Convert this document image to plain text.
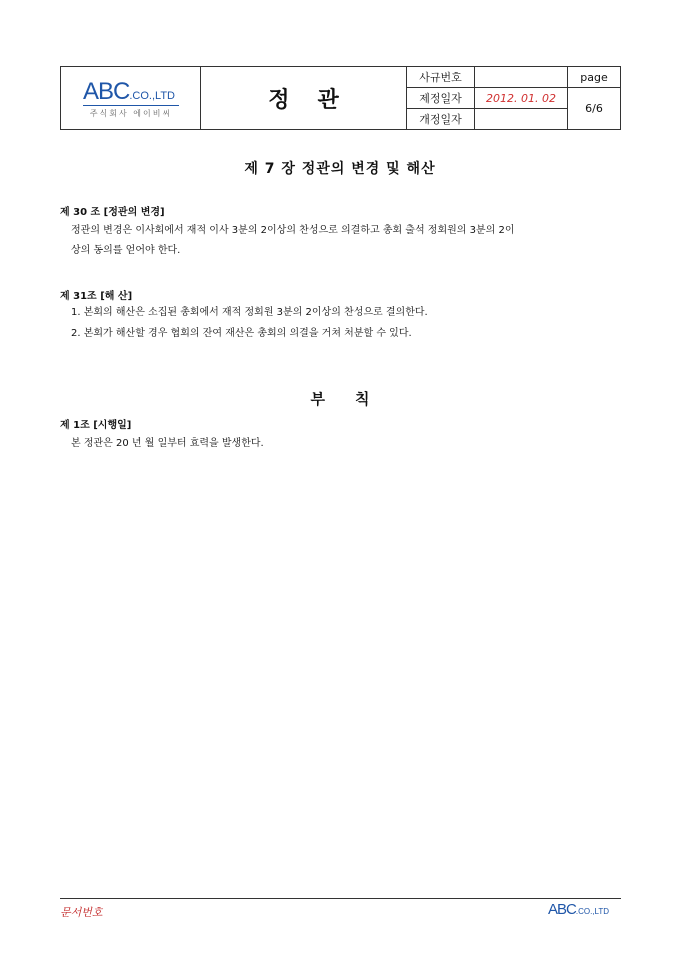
ABC.CO.,LTD
주식회사 에이비씨
정관
사규번호
제정일자	2012. 01. 02
개정일자
page
6/6
제 7 장 정관의 변경 및 해산
제 30 조 [정관의 변경]
정관의 변경은 이사회에서 재적 이사 3분의 2이상의 찬성으로 의결하고 총회 출석 정회원의 3분의 2이
상의 동의를 얻어야 한다.
제 31조 [해 산]
1. 본회의 해산은 소집된 총회에서 재적 정회원 3분의 2이상의 찬성으로 결의한다.
2. 본회가 해산할 경우 협회의 잔여 재산은 총회의 의결을 거쳐 처분할 수 있다.
부칙
제 1조 [시행일]
본 정관은 20 년 월 일부터 효력을 발생한다.
문서번호	ABC.CO.,LTD
